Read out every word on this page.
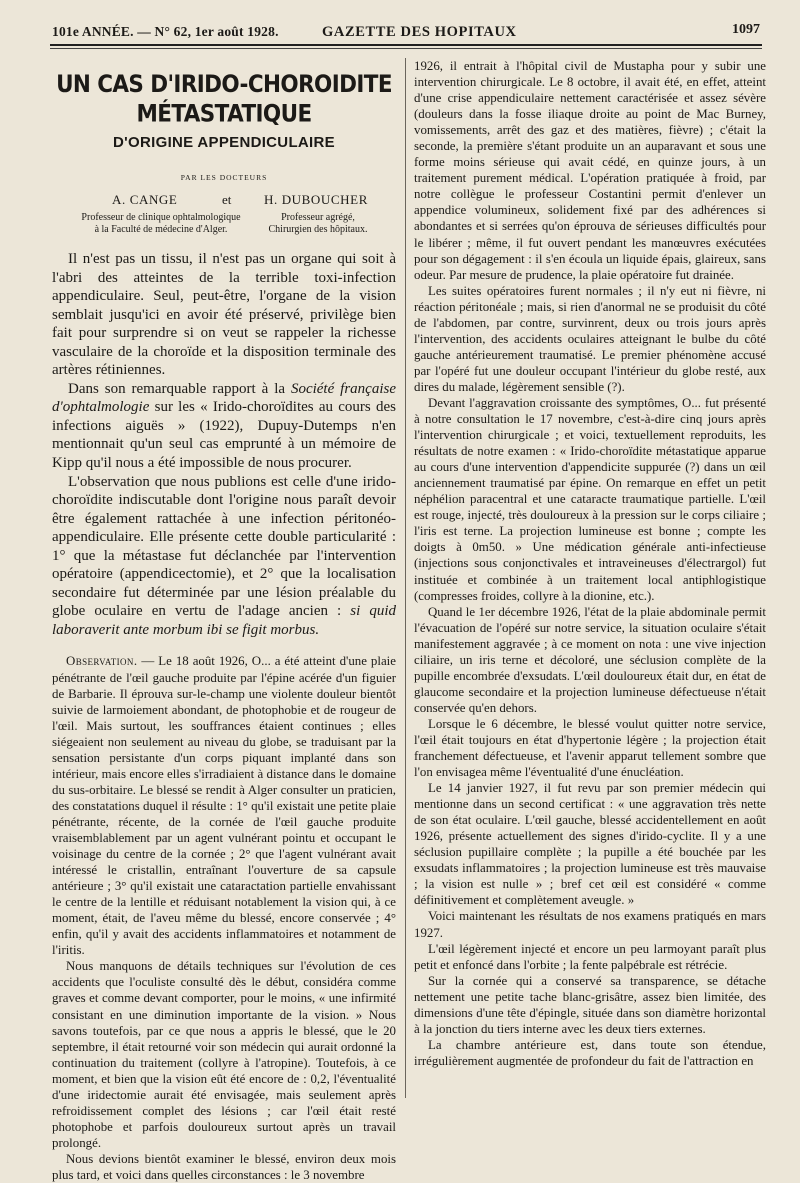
101e ANNÉE. — N° 62, 1er août 1928.	GAZETTE DES HOPITAUX	1097
UN CAS D'IRIDO-CHOROIDITE MÉTASTATIQUE
D'ORIGINE APPENDICULAIRE
PAR LES DOCTEURS
A. CANGE	et	H. DUBOUCHER
Professeur de clinique ophtalmologique
à la Faculté de médecine d'Alger.
Professeur agrégé,
Chirurgien des hôpitaux.

Il n'est pas un tissu, il n'est pas un organe qui soit à l'abri des atteintes de la terrible toxi-infection appendiculaire. Seul, peut-être, l'organe de la vision semblait jusqu'ici en avoir été préservé, privilège bien fait pour surprendre si on veut se rappeler la richesse vasculaire de la choroïde et la disposition terminale des artères rétiniennes.

Dans son remarquable rapport à la Société française d'ophtalmologie sur les « Irido-choroïdites au cours des infections aiguës » (1922), Dupuy-Dutemps n'en mentionnait qu'un seul cas emprunté à un mémoire de Kipp qu'il nous a été impossible de nous procurer.

L'observation que nous publions est celle d'une irido-choroïdite indiscutable dont l'origine nous paraît devoir être également rattachée à une infection péritonéo-appendiculaire. Elle présente cette double particularité : 1° que la métastase fut déclanchée par l'intervention opératoire (appendicectomie), et 2° que la localisation secondaire fut déterminée par une lésion préalable du globe oculaire en vertu de l'adage ancien : si quid laboraverit ante morbum ibi se figit morbus.

Observation. — Le 18 août 1926, O... a été atteint d'une plaie pénétrante de l'œil gauche produite par l'épine acérée d'un figuier de Barbarie. Il éprouva sur-le-champ une violente douleur bientôt suivie de larmoiement abondant, de photophobie et de rougeur de l'œil. Mais surtout, les souffrances étaient continues ; elles siégeaient non seulement au niveau du globe, se traduisant par la sensation persistante d'un corps piquant implanté dans son intérieur, mais encore elles s'irradiaient à distance dans le domaine du sus-orbitaire. Le blessé se rendit à Alger consulter un praticien, des constatations duquel il résulte : 1° qu'il existait une petite plaie pénétrante, récente, de la cornée de l'œil gauche produite vraisemblablement par un agent vulnérant pointu et occupant le voisinage du centre de la cornée ; 2° que l'agent vulnérant avait intéressé le cristallin, entraînant l'ouverture de sa capsule antérieure ; 3° qu'il existait une cataractation partielle envahissant le centre de la lentille et réduisant notablement la vision qui, à ce moment, était, de l'aveu même du blessé, encore conservée ; 4° enfin, qu'il y avait des accidents inflammatoires et notamment de l'iritis.

Nous manquons de détails techniques sur l'évolution de ces accidents que l'oculiste consulté dès le début, considéra comme graves et comme devant comporter, pour le moins, « une infirmité consistant en une diminution importante de la vision. » Nous savons toutefois, par ce que nous a appris le blessé, que le 20 septembre, il était retourné voir son médecin qui aurait ordonné la continuation du traitement (collyre à l'atropine). Toutefois, à ce moment, et bien que la vision eût été encore de : 0,2, l'éventualité d'une iridectomie aurait été envisagée, mais seulement après refroidissement complet des lésions ; car l'œil était resté photophobe et parfois douloureux surtout après un travail prolongé.

Nous devions bientôt examiner le blessé, environ deux mois plus tard, et voici dans quelles circonstances : le 3 novembre

1926, il entrait à l'hôpital civil de Mustapha pour y subir une intervention chirurgicale. Le 8 octobre, il avait été, en effet, atteint d'une crise appendiculaire nettement caractérisée et assez sévère (douleurs dans la fosse iliaque droite au point de Mac Burney, vomissements, arrêt des gaz et des matières, fièvre) ; c'était la seconde, la première s'étant produite un an auparavant et sous une forme moins sérieuse qui avait cédé, en quinze jours, à un traitement purement médical. L'opération pratiquée à froid, par notre collègue le professeur Costantini permit d'enlever un appendice volumineux, solidement fixé par des adhérences si abondantes et si serrées qu'on éprouva de sérieuses difficultés pour le libérer ; même, il fut ouvert pendant les manœuvres exécutées pour son dégagement : il s'en écoula un liquide épais, glaireux, sans odeur. Par mesure de prudence, la plaie opératoire fut drainée.

Les suites opératoires furent normales ; il n'y eut ni fièvre, ni réaction péritonéale ; mais, si rien d'anormal ne se produisit du côté de l'abdomen, par contre, survinrent, deux ou trois jours après l'intervention, des accidents oculaires atteignant le bulbe du côté gauche antérieurement traumatisé. Le premier phénomène accusé par l'opéré fut une douleur occupant l'intérieur du globe resté, aux dires du malade, légèrement sensible (?).

Devant l'aggravation croissante des symptômes, O... fut présenté à notre consultation le 17 novembre, c'est-à-dire cinq jours après l'intervention chirurgicale ; et voici, textuellement reproduits, les résultats de notre examen : « Irido-choroïdite métastatique apparue au cours d'une intervention d'appendicite suppurée (?) dans un œil anciennement traumatisé par épine. On remarque en effet un petit néphélion paracentral et une cataracte traumatique partielle. L'œil est rouge, injecté, très douloureux à la pression sur le corps ciliaire ; l'iris est terne. La projection lumineuse est bonne ; compte les doigts à 0m50. » Une médication générale anti-infectieuse (injections sous conjonctivales et intraveineuses d'électrargol) fut instituée et combinée à un traitement local antiphlogistique (compresses froides, collyre à la dionine, etc.).

Quand le 1er décembre 1926, l'état de la plaie abdominale permit l'évacuation de l'opéré sur notre service, la situation oculaire s'était manifestement aggravée ; à ce moment on nota : une vive injection ciliaire, un iris terne et décoloré, une séclusion complète de la pupille encombrée d'exsudats. L'œil douloureux était dur, en état de glaucome secondaire et la projection lumineuse défectueuse n'était conservée qu'en dehors.

Lorsque le 6 décembre, le blessé voulut quitter notre service, l'œil était toujours en état d'hypertonie légère ; la projection était franchement défectueuse, et l'avenir apparut tellement sombre que l'on envisagea même l'éventualité d'une énucléation.

Le 14 janvier 1927, il fut revu par son premier médecin qui mentionne dans un second certificat : « une aggravation très nette de son état oculaire. L'œil gauche, blessé accidentellement en août 1926, présente actuellement des signes d'irido-cyclite. Il y a une séclusion pupillaire complète ; la pupille a été bouchée par les exsudats inflammatoires ; la projection lumineuse est très mauvaise ; la vision est nulle » ; bref cet œil est considéré « comme définitivement et complètement aveugle. »

Voici maintenant les résultats de nos examens pratiqués en mars 1927.

L'œil légèrement injecté et encore un peu larmoyant paraît plus petit et enfoncé dans l'orbite ; la fente palpébrale est rétrécie.

Sur la cornée qui a conservé sa transparence, se détache nettement une petite tache blanc-grisâtre, assez bien limitée, des dimensions d'une tête d'épingle, située dans son diamètre horizontal à la jonction du tiers interne avec les deux tiers externes.

La chambre antérieure est, dans toute son étendue, irrégulièrement augmentée de profondeur du fait de l'attraction en
